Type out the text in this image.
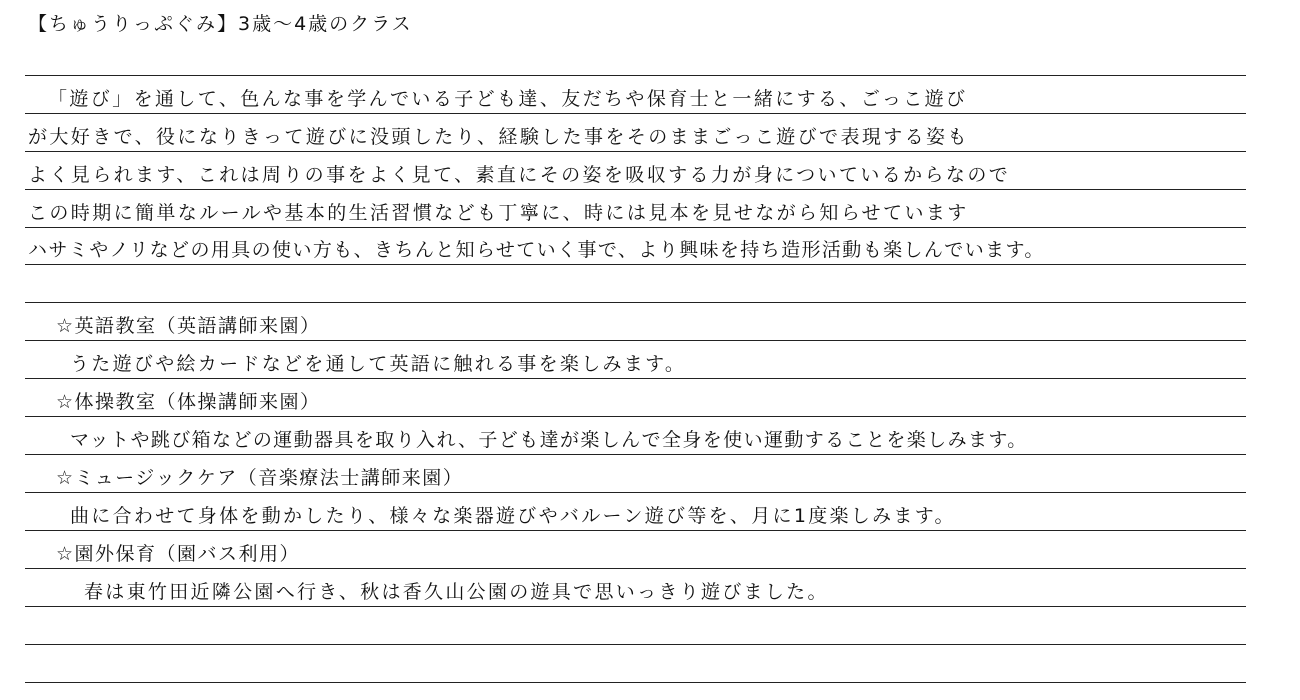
【ちゅうりっぷぐみ】3歳～4歳のクラス
「遊び」を通して、色んな事を学んでいる子ども達、友だちや保育士と一緒にする、ごっこ遊び
が大好きで、役になりきって遊びに没頭したり、経験した事をそのままごっこ遊びで表現する姿も
よく見られます、これは周りの事をよく見て、素直にその姿を吸収する力が身についているからなので
この時期に簡単なルールや基本的生活習慣なども丁寧に、時には見本を見せながら知らせています
ハサミやノリなどの用具の使い方も、きちんと知らせていく事で、より興味を持ち造形活動も楽しんでいます。
☆英語教室（英語講師来園）
うた遊びや絵カードなどを通して英語に触れる事を楽しみます。
☆体操教室（体操講師来園）
マットや跳び箱などの運動器具を取り入れ、子ども達が楽しんで全身を使い運動することを楽しみます。
☆ミュージックケア（音楽療法士講師来園）
曲に合わせて身体を動かしたり、様々な楽器遊びやバルーン遊び等を、月に1度楽しみます。
☆園外保育（園バス利用）
春は東竹田近隣公園へ行き、秋は香久山公園の遊具で思いっきり遊びました。
